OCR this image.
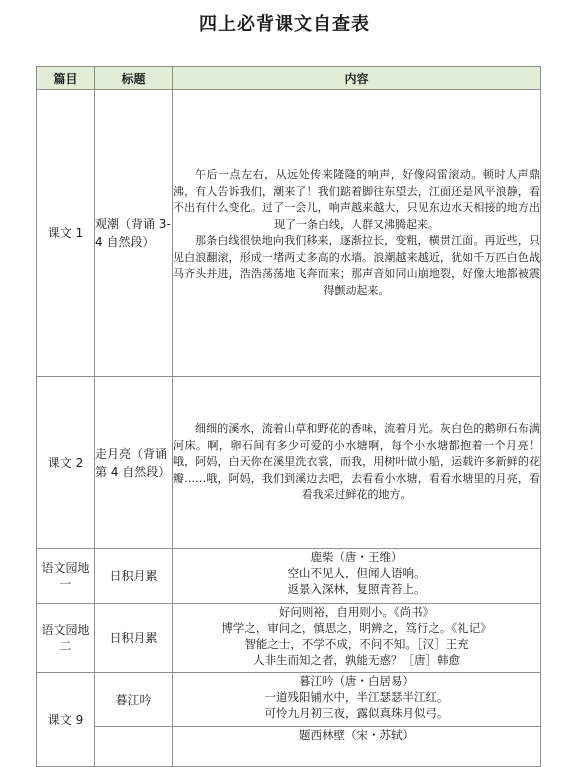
四上必背课文自查表
篇目	标题	内容
课文 1	观潮（背诵 3-4 自然段）	午后一点左右，从远处传来隆隆的响声，好像闷雷滚动。顿时人声鼎沸，有人告诉我们，潮来了！我们踮着脚往东望去，江面还是风平浪静，看不出有什么变化。过了一会儿，响声越来越大，只见东边水天相接的地方出现了一条白线，人群又沸腾起来。

那条白线很快地向我们移来，逐渐拉长，变粗，横贯江面。再近些，只见白浪翻滚，形成一堵两丈多高的水墙。浪潮越来越近，犹如千万匹白色战马齐头并进，浩浩荡荡地飞奔而来；那声音如同山崩地裂，好像大地都被震得颤动起来。

课文 2	走月亮（背诵第 4 自然段）	细细的溪水，流着山草和野花的香味，流着月光。灰白色的鹅卵石布满河床。啊，卵石间有多少可爱的小水塘啊，每个小水塘都抱着一个月亮！哦，阿妈，白天你在溪里洗衣裳，而我，用树叶做小船，运载许多新鲜的花瓣……哦，阿妈，我们到溪边去吧，去看看小水塘，看看水塘里的月亮，看看我采过鲜花的地方。

语文园地一	日积月累	鹿柴（唐・王维）

空山不见人，但闻人语响。

返景入深林，复照青苔上。

语文园地二	日积月累	好问则裕，自用则小。《尚书》

博学之，审问之，慎思之，明辨之，笃行之。《礼记》

智能之士，不学不成，不问不知。［汉］王充

人非生而知之者，孰能无惑？［唐］韩愈

课文 9	暮江吟	暮江吟（唐・白居易）

一道残阳铺水中，半江瑟瑟半江红。

可怜九月初三夜，露似真珠月似弓。

		题西林壁（宋・苏轼）
